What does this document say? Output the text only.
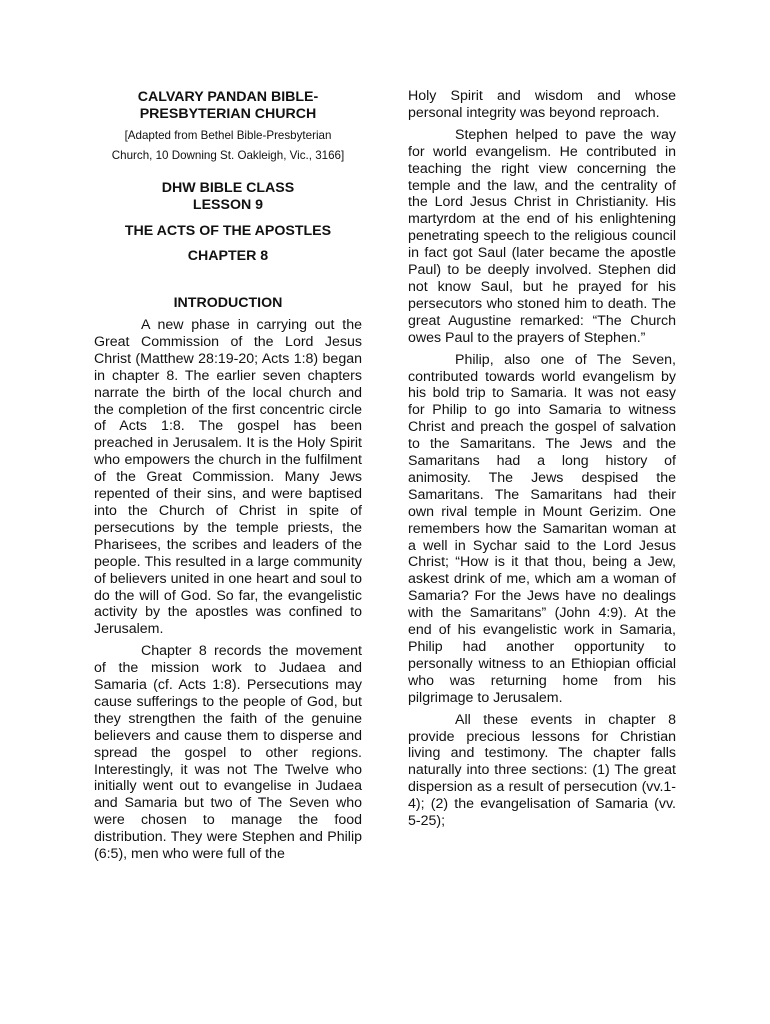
CALVARY PANDAN BIBLE-
PRESBYTERIAN CHURCH
[Adapted from Bethel Bible-Presbyterian
Church, 10 Downing St. Oakleigh, Vic., 3166]
DHW BIBLE CLASS
LESSON 9
THE ACTS OF THE APOSTLES
CHAPTER 8
INTRODUCTION

A new phase in carrying out the Great Commission of the Lord Jesus Christ (Matthew 28:19-20; Acts 1:8) began in chapter 8. The earlier seven chapters narrate the birth of the local church and the completion of the first concentric circle of Acts 1:8. The gospel has been preached in Jerusalem. It is the Holy Spirit who empowers the church in the fulfilment of the Great Commission. Many Jews repented of their sins, and were baptised into the Church of Christ in spite of persecutions by the temple priests, the Pharisees, the scribes and leaders of the people. This resulted in a large community of believers united in one heart and soul to do the will of God. So far, the evangelistic activity by the apostles was confined to Jerusalem.

Chapter 8 records the movement of the mission work to Judaea and Samaria (cf. Acts 1:8). Persecutions may cause sufferings to the people of God, but they strengthen the faith of the genuine believers and cause them to disperse and spread the gospel to other regions. Interestingly, it was not The Twelve who initially went out to evangelise in Judaea and Samaria but two of The Seven who were chosen to manage the food distribution. They were Stephen and Philip (6:5), men who were full of the

Holy Spirit and wisdom and whose personal integrity was beyond reproach.

Stephen helped to pave the way for world evangelism. He contributed in teaching the right view concerning the temple and the law, and the centrality of the Lord Jesus Christ in Christianity. His martyrdom at the end of his enlightening penetrating speech to the religious council in fact got Saul (later became the apostle Paul) to be deeply involved. Stephen did not know Saul, but he prayed for his persecutors who stoned him to death. The great Augustine remarked: “The Church owes Paul to the prayers of Stephen.”

Philip, also one of The Seven, contributed towards world evangelism by his bold trip to Samaria. It was not easy for Philip to go into Samaria to witness Christ and preach the gospel of salvation to the Samaritans. The Jews and the Samaritans had a long history of animosity. The Jews despised the Samaritans. The Samaritans had their own rival temple in Mount Gerizim. One remembers how the Samaritan woman at a well in Sychar said to the Lord Jesus Christ; “How is it that thou, being a Jew, askest drink of me, which am a woman of Samaria? For the Jews have no dealings with the Samaritans” (John 4:9). At the end of his evangelistic work in Samaria, Philip had another opportunity to personally witness to an Ethiopian official who was returning home from his pilgrimage to Jerusalem.

All these events in chapter 8 provide precious lessons for Christian living and testimony. The chapter falls naturally into three sections: (1) The great dispersion as a result of persecution (vv.1-4); (2) the evangelisation of Samaria (vv. 5-25);
